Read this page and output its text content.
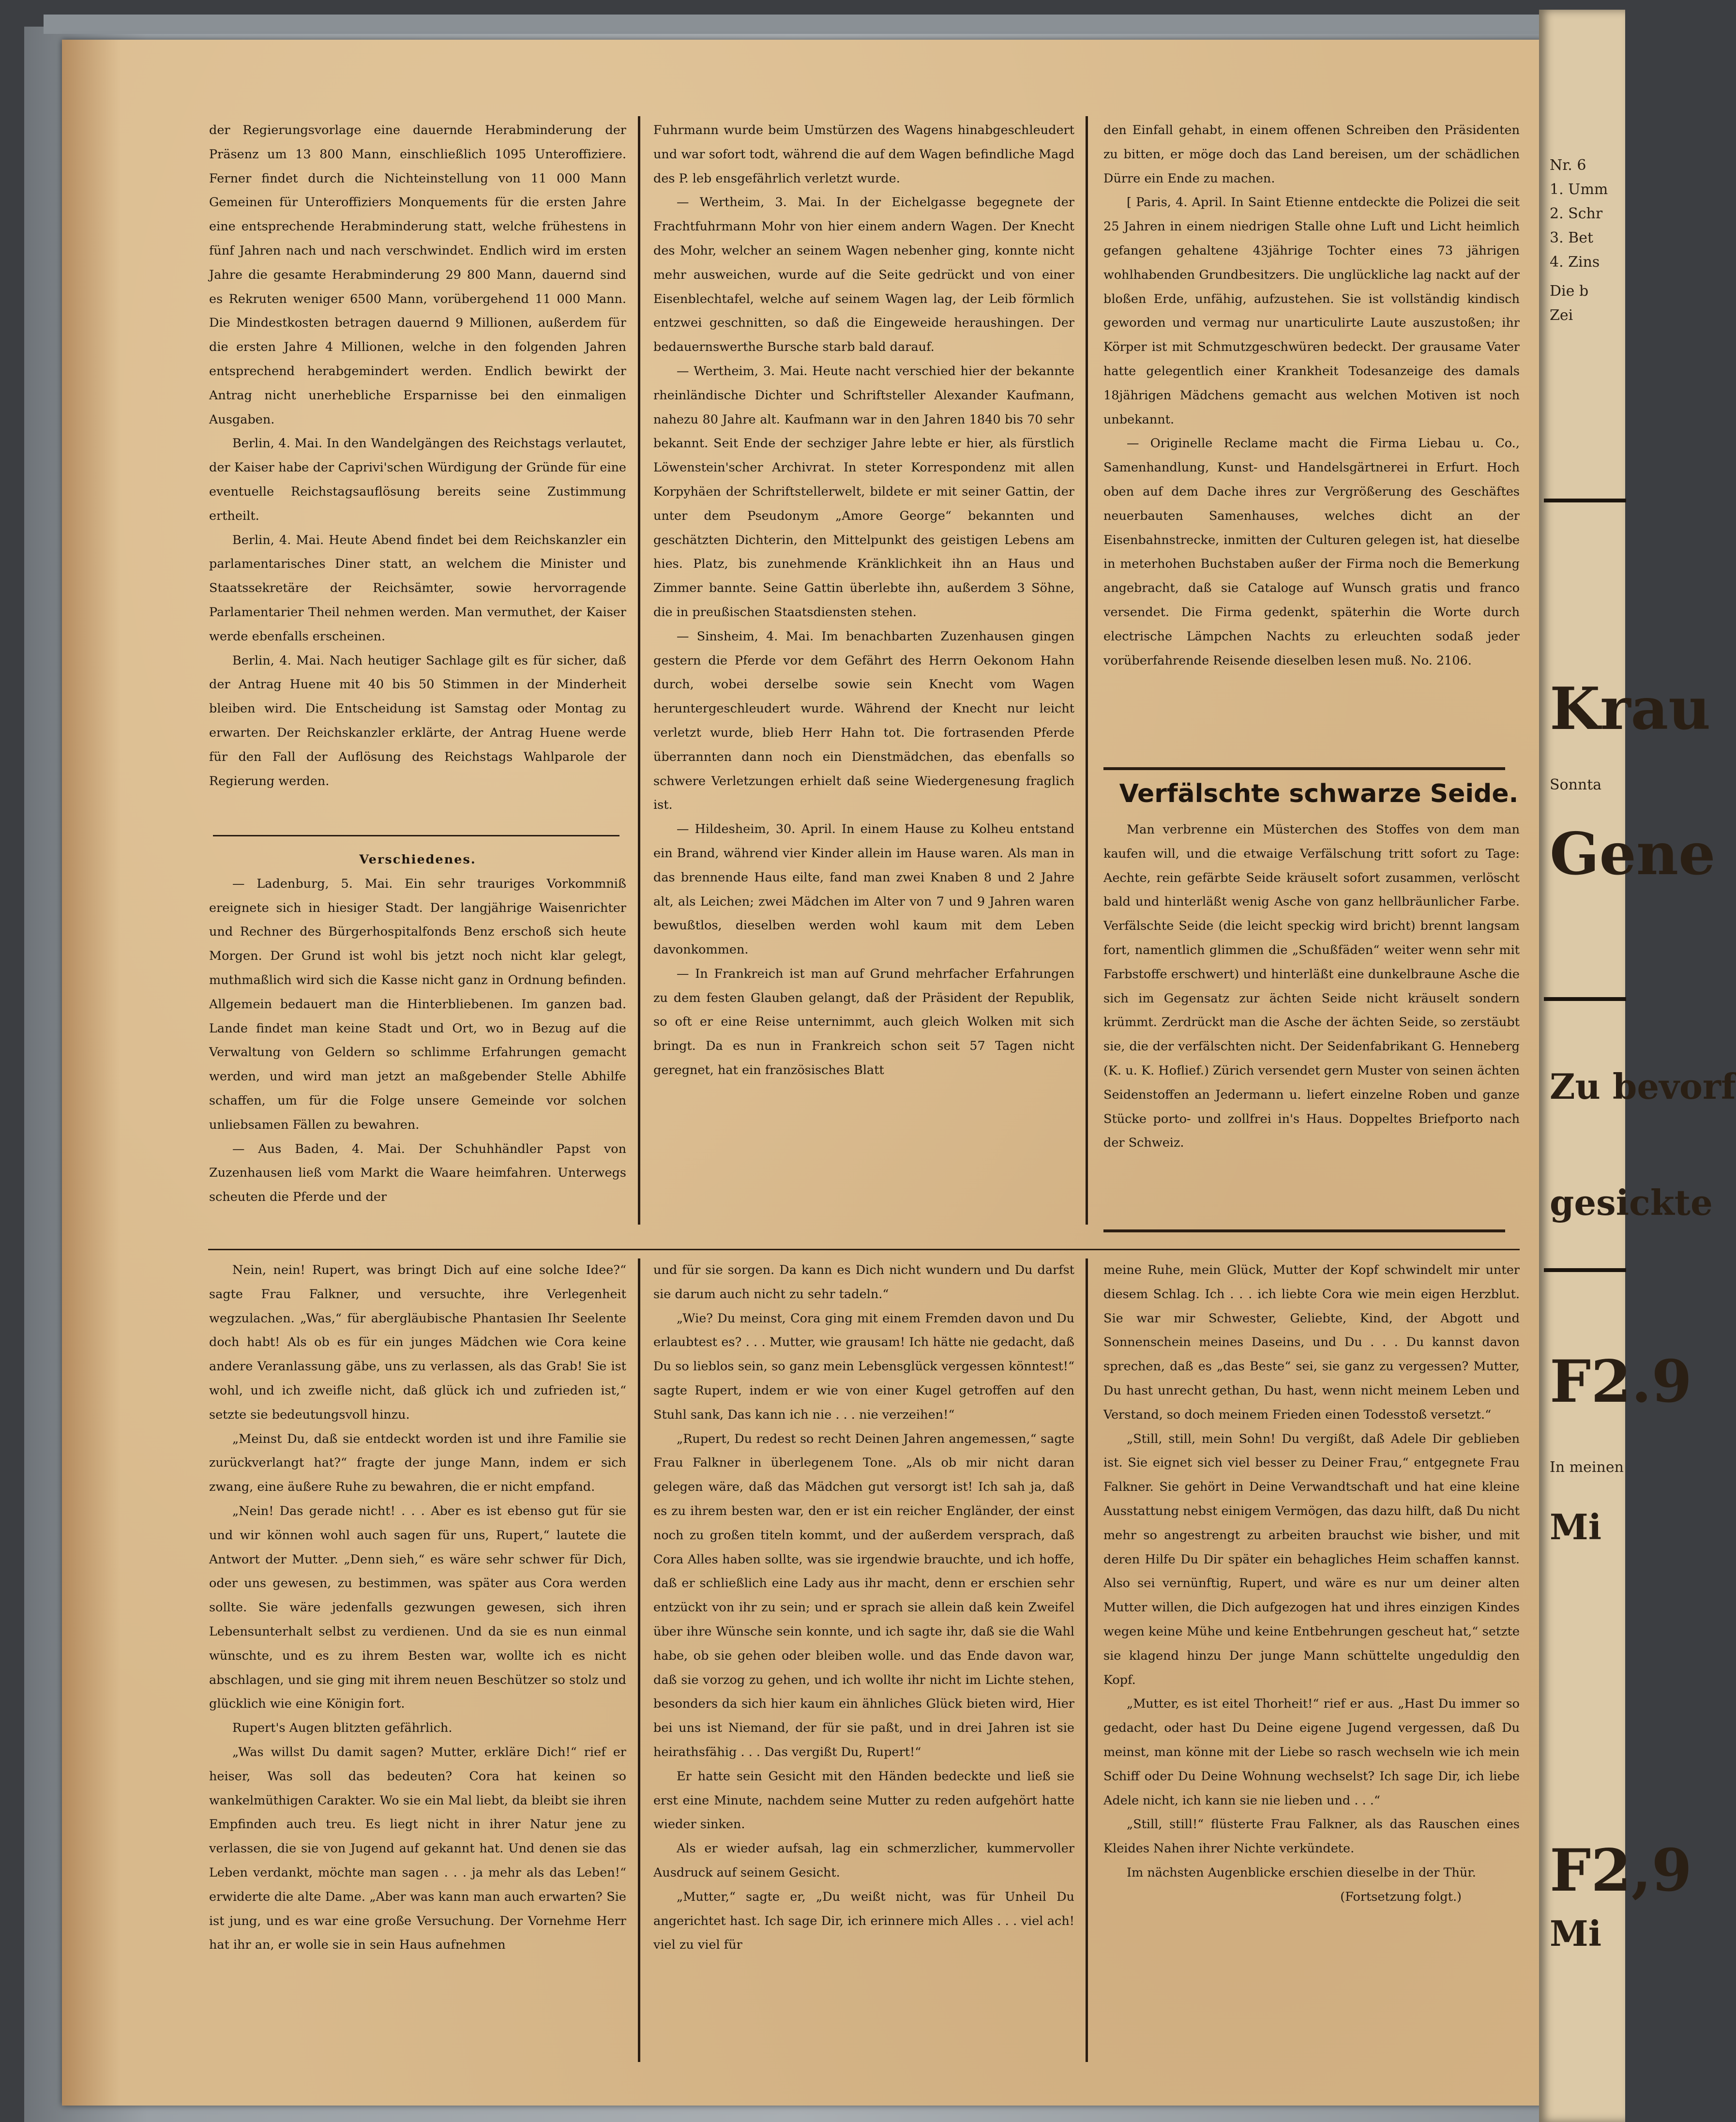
der Regierungsvorlage eine dauernde Herabminderung der Präsenz um 13 800 Mann, einschließlich 1095 Unteroffiziere. Ferner findet durch die Nichteinstellung von 11 000 Mann Gemeinen für Unteroffiziers Monquements für die ersten Jahre eine entsprechende Herabminderung statt, welche frühestens in fünf Jahren nach und nach verschwindet. Endlich wird im ersten Jahre die gesamte Herabminderung 29 800 Mann, dauernd sind es Rekruten weniger 6500 Mann, vorübergehend 11 000 Mann. Die Mindestkosten betragen dauernd 9 Millionen, außerdem für die ersten Jahre 4 Millionen, welche in den folgenden Jahren entsprechend herabgemindert werden. Endlich bewirkt der Antrag nicht unerhebliche Ersparnisse bei den einmaligen Ausgaben.

Berlin, 4. Mai. In den Wandelgängen des Reichstags verlautet, der Kaiser habe der Caprivi'schen Würdigung der Gründe für eine eventuelle Reichstagsauflösung bereits seine Zustimmung ertheilt.

Berlin, 4. Mai. Heute Abend findet bei dem Reichskanzler ein parlamentarisches Diner statt, an welchem die Minister und Staatssekretäre der Reichsämter, sowie hervorragende Parlamentarier Theil nehmen werden. Man vermuthet, der Kaiser werde ebenfalls erscheinen.

Berlin, 4. Mai. Nach heutiger Sachlage gilt es für sicher, daß der Antrag Huene mit 40 bis 50 Stimmen in der Minderheit bleiben wird. Die Entscheidung ist Samstag oder Montag zu erwarten. Der Reichskanzler erklärte, der Antrag Huene werde für den Fall der Auflösung des Reichstags Wahlparole der Regierung werden.

Verschiedenes.

— Ladenburg, 5. Mai. Ein sehr trauriges Vorkommniß ereignete sich in hiesiger Stadt. Der langjährige Waisenrichter und Rechner des Bürgerhospitalfonds Benz erschoß sich heute Morgen. Der Grund ist wohl bis jetzt noch nicht klar gelegt, muthmaßlich wird sich die Kasse nicht ganz in Ordnung befinden. Allgemein bedauert man die Hinterbliebenen. Im ganzen bad. Lande findet man keine Stadt und Ort, wo in Bezug auf die Verwaltung von Geldern so schlimme Erfahrungen gemacht werden, und wird man jetzt an maßgebender Stelle Abhilfe schaffen, um für die Folge unsere Gemeinde vor solchen unliebsamen Fällen zu bewahren.

— Aus Baden, 4. Mai. Der Schuhhändler Papst von Zuzenhausen ließ vom Markt die Waare heimfahren. Unterwegs scheuten die Pferde und der

Fuhrmann wurde beim Umstürzen des Wagens hinabgeschleudert und war sofort todt, während die auf dem Wagen befindliche Magd des P. leb ensgefährlich verletzt wurde.

— Wertheim, 3. Mai. In der Eichelgasse begegnete der Frachtfuhrmann Mohr von hier einem andern Wagen. Der Knecht des Mohr, welcher an seinem Wagen nebenher ging, konnte nicht mehr ausweichen, wurde auf die Seite gedrückt und von einer Eisenblechtafel, welche auf seinem Wagen lag, der Leib förmlich entzwei geschnitten, so daß die Eingeweide heraushingen. Der bedauernswerthe Bursche starb bald darauf.

— Wertheim, 3. Mai. Heute nacht verschied hier der bekannte rheinländische Dichter und Schriftsteller Alexander Kaufmann, nahezu 80 Jahre alt. Kaufmann war in den Jahren 1840 bis 70 sehr bekannt. Seit Ende der sechziger Jahre lebte er hier, als fürstlich Löwenstein'scher Archivrat. In steter Korrespondenz mit allen Korpyhäen der Schriftstellerwelt, bildete er mit seiner Gattin, der unter dem Pseudonym „Amore George“ bekannten und geschätzten Dichterin, den Mittelpunkt des geistigen Lebens am hies. Platz, bis zunehmende Kränklichkeit ihn an Haus und Zimmer bannte. Seine Gattin überlebte ihn, außerdem 3 Söhne, die in preußischen Staatsdiensten stehen.

— Sinsheim, 4. Mai. Im benachbarten Zuzenhausen gingen gestern die Pferde vor dem Gefährt des Herrn Oekonom Hahn durch, wobei derselbe sowie sein Knecht vom Wagen heruntergeschleudert wurde. Während der Knecht nur leicht verletzt wurde, blieb Herr Hahn tot. Die fortrasenden Pferde überrannten dann noch ein Dienstmädchen, das ebenfalls so schwere Verletzungen erhielt daß seine Wiedergenesung fraglich ist.

— Hildesheim, 30. April. In einem Hause zu Kolheu entstand ein Brand, während vier Kinder allein im Hause waren. Als man in das brennende Haus eilte, fand man zwei Knaben 8 und 2 Jahre alt, als Leichen; zwei Mädchen im Alter von 7 und 9 Jahren waren bewußtlos, dieselben werden wohl kaum mit dem Leben davonkommen.

— In Frankreich ist man auf Grund mehrfacher Erfahrungen zu dem festen Glauben gelangt, daß der Präsident der Republik, so oft er eine Reise unternimmt, auch gleich Wolken mit sich bringt. Da es nun in Frankreich schon seit 57 Tagen nicht geregnet, hat ein französisches Blatt

den Einfall gehabt, in einem offenen Schreiben den Präsidenten zu bitten, er möge doch das Land bereisen, um der schädlichen Dürre ein Ende zu machen.

[ Paris, 4. April. In Saint Etienne entdeckte die Polizei die seit 25 Jahren in einem niedrigen Stalle ohne Luft und Licht heimlich gefangen gehaltene 43jährige Tochter eines 73 jährigen wohlhabenden Grundbesitzers. Die unglückliche lag nackt auf der bloßen Erde, unfähig, aufzustehen. Sie ist vollständig kindisch geworden und vermag nur unarticulirte Laute auszustoßen; ihr Körper ist mit Schmutzgeschwüren bedeckt. Der grausame Vater hatte gelegentlich einer Krankheit Todesanzeige des damals 18jährigen Mädchens gemacht aus welchen Motiven ist noch unbekannt.

— Originelle Reclame macht die Firma Liebau u. Co., Samenhandlung, Kunst- und Handelsgärtnerei in Erfurt. Hoch oben auf dem Dache ihres zur Vergrößerung des Geschäftes neuerbauten Samenhauses, welches dicht an der Eisenbahnstrecke, inmitten der Culturen gelegen ist, hat dieselbe in meterhohen Buchstaben außer der Firma noch die Bemerkung angebracht, daß sie Cataloge auf Wunsch gratis und franco versendet. Die Firma gedenkt, späterhin die Worte durch electrische Lämpchen Nachts zu erleuchten sodaß jeder vorüberfahrende Reisende dieselben lesen muß. No. 2106.

Verfälschte schwarze Seide.

Man verbrenne ein Müsterchen des Stoffes von dem man kaufen will, und die etwaige Verfälschung tritt sofort zu Tage: Aechte, rein gefärbte Seide kräuselt sofort zusammen, verlöscht bald und hinterläßt wenig Asche von ganz hellbräunlicher Farbe. Verfälschte Seide (die leicht speckig wird bricht) brennt langsam fort, namentlich glimmen die „Schußfäden“ weiter wenn sehr mit Farbstoffe erschwert) und hinterläßt eine dunkelbraune Asche die sich im Gegensatz zur ächten Seide nicht kräuselt sondern krümmt. Zerdrückt man die Asche der ächten Seide, so zerstäubt sie, die der verfälschten nicht. Der Seidenfabrikant G. Henneberg (K. u. K. Hoflief.) Zürich versendet gern Muster von seinen ächten Seidenstoffen an Jedermann u. liefert einzelne Roben und ganze Stücke porto- und zollfrei in's Haus. Doppeltes Briefporto nach der Schweiz.

Nein, nein! Rupert, was bringt Dich auf eine solche Idee?“ sagte Frau Falkner, und versuchte, ihre Verlegenheit wegzulachen. „Was,“ für abergläubische Phantasien Ihr Seelente doch habt! Als ob es für ein junges Mädchen wie Cora keine andere Veranlassung gäbe, uns zu verlassen, als das Grab! Sie ist wohl, und ich zweifle nicht, daß glück ich und zufrieden ist,“ setzte sie bedeutungsvoll hinzu.

„Meinst Du, daß sie entdeckt worden ist und ihre Familie sie zurückverlangt hat?“ fragte der junge Mann, indem er sich zwang, eine äußere Ruhe zu bewahren, die er nicht empfand.

„Nein! Das gerade nicht! . . . Aber es ist ebenso gut für sie und wir können wohl auch sagen für uns, Rupert,“ lautete die Antwort der Mutter. „Denn sieh,“ es wäre sehr schwer für Dich, oder uns gewesen, zu bestimmen, was später aus Cora werden sollte. Sie wäre jedenfalls gezwungen gewesen, sich ihren Lebensunterhalt selbst zu verdienen. Und da sie es nun einmal wünschte, und es zu ihrem Besten war, wollte ich es nicht abschlagen, und sie ging mit ihrem neuen Beschützer so stolz und glücklich wie eine Königin fort.

Rupert's Augen blitzten gefährlich.

„Was willst Du damit sagen? Mutter, erkläre Dich!“ rief er heiser, Was soll das bedeuten? Cora hat keinen so wankelmüthigen Carakter. Wo sie ein Mal liebt, da bleibt sie ihren Empfinden auch treu. Es liegt nicht in ihrer Natur jene zu verlassen, die sie von Jugend auf gekannt hat. Und denen sie das Leben verdankt, möchte man sagen . . . ja mehr als das Leben!“ erwiderte die alte Dame. „Aber was kann man auch erwarten? Sie ist jung, und es war eine große Versuchung. Der Vornehme Herr hat ihr an, er wolle sie in sein Haus aufnehmen

und für sie sorgen. Da kann es Dich nicht wundern und Du darfst sie darum auch nicht zu sehr tadeln.“

„Wie? Du meinst, Cora ging mit einem Fremden davon und Du erlaubtest es? . . . Mutter, wie grausam! Ich hätte nie gedacht, daß Du so lieblos sein, so ganz mein Lebensglück vergessen könntest!“ sagte Rupert, indem er wie von einer Kugel getroffen auf den Stuhl sank, Das kann ich nie . . . nie verzeihen!“

„Rupert, Du redest so recht Deinen Jahren angemessen,“ sagte Frau Falkner in überlegenem Tone. „Als ob mir nicht daran gelegen wäre, daß das Mädchen gut versorgt ist! Ich sah ja, daß es zu ihrem besten war, den er ist ein reicher Engländer, der einst noch zu großen titeln kommt, und der außerdem versprach, daß Cora Alles haben sollte, was sie irgendwie brauchte, und ich hoffe, daß er schließlich eine Lady aus ihr macht, denn er erschien sehr entzückt von ihr zu sein; und er sprach sie allein daß kein Zweifel über ihre Wünsche sein konnte, und ich sagte ihr, daß sie die Wahl habe, ob sie gehen oder bleiben wolle. und das Ende davon war, daß sie vorzog zu gehen, und ich wollte ihr nicht im Lichte stehen, besonders da sich hier kaum ein ähnliches Glück bieten wird, Hier bei uns ist Niemand, der für sie paßt, und in drei Jahren ist sie heirathsfähig . . . Das vergißt Du, Rupert!“

Er hatte sein Gesicht mit den Händen bedeckte und ließ sie erst eine Minute, nachdem seine Mutter zu reden aufgehört hatte wieder sinken.

Als er wieder aufsah, lag ein schmerzlicher, kummervoller Ausdruck auf seinem Gesicht.

„Mutter,“ sagte er, „Du weißt nicht, was für Unheil Du angerichtet hast. Ich sage Dir, ich erinnere mich Alles . . . viel ach! viel zu viel für

meine Ruhe, mein Glück, Mutter der Kopf schwindelt mir unter diesem Schlag. Ich . . . ich liebte Cora wie mein eigen Herzblut. Sie war mir Schwester, Geliebte, Kind, der Abgott und Sonnenschein meines Daseins, und Du . . . Du kannst davon sprechen, daß es „das Beste“ sei, sie ganz zu vergessen? Mutter, Du hast unrecht gethan, Du hast, wenn nicht meinem Leben und Verstand, so doch meinem Frieden einen Todesstoß versetzt.“

„Still, still, mein Sohn! Du vergißt, daß Adele Dir geblieben ist. Sie eignet sich viel besser zu Deiner Frau,“ entgegnete Frau Falkner. Sie gehört in Deine Verwandtschaft und hat eine kleine Ausstattung nebst einigem Vermögen, das dazu hilft, daß Du nicht mehr so angestrengt zu arbeiten brauchst wie bisher, und mit deren Hilfe Du Dir später ein behagliches Heim schaffen kannst. Also sei vernünftig, Rupert, und wäre es nur um deiner alten Mutter willen, die Dich aufgezogen hat und ihres einzigen Kindes wegen keine Mühe und keine Entbehrungen gescheut hat,“ setzte sie klagend hinzu Der junge Mann schüttelte ungeduldig den Kopf.

„Mutter, es ist eitel Thorheit!“ rief er aus. „Hast Du immer so gedacht, oder hast Du Deine eigene Jugend vergessen, daß Du meinst, man könne mit der Liebe so rasch wechseln wie ich mein Schiff oder Du Deine Wohnung wechselst? Ich sage Dir, ich liebe Adele nicht, ich kann sie nie lieben und . . .“

„Still, still!“ flüsterte Frau Falkner, als das Rauschen eines Kleides Nahen ihrer Nichte verkündete.

Im nächsten Augenblicke erschien dieselbe in der Thür.

(Fortsetzung folgt.)

Nr. 6
1. Umm
2. Schr
3. Bet
4. Zins
Die b
Zei
Krau
Sonnta
Gene
Zu bevorf
gesickte
F2.9
In meinen
Mi
F2,9
Mi
